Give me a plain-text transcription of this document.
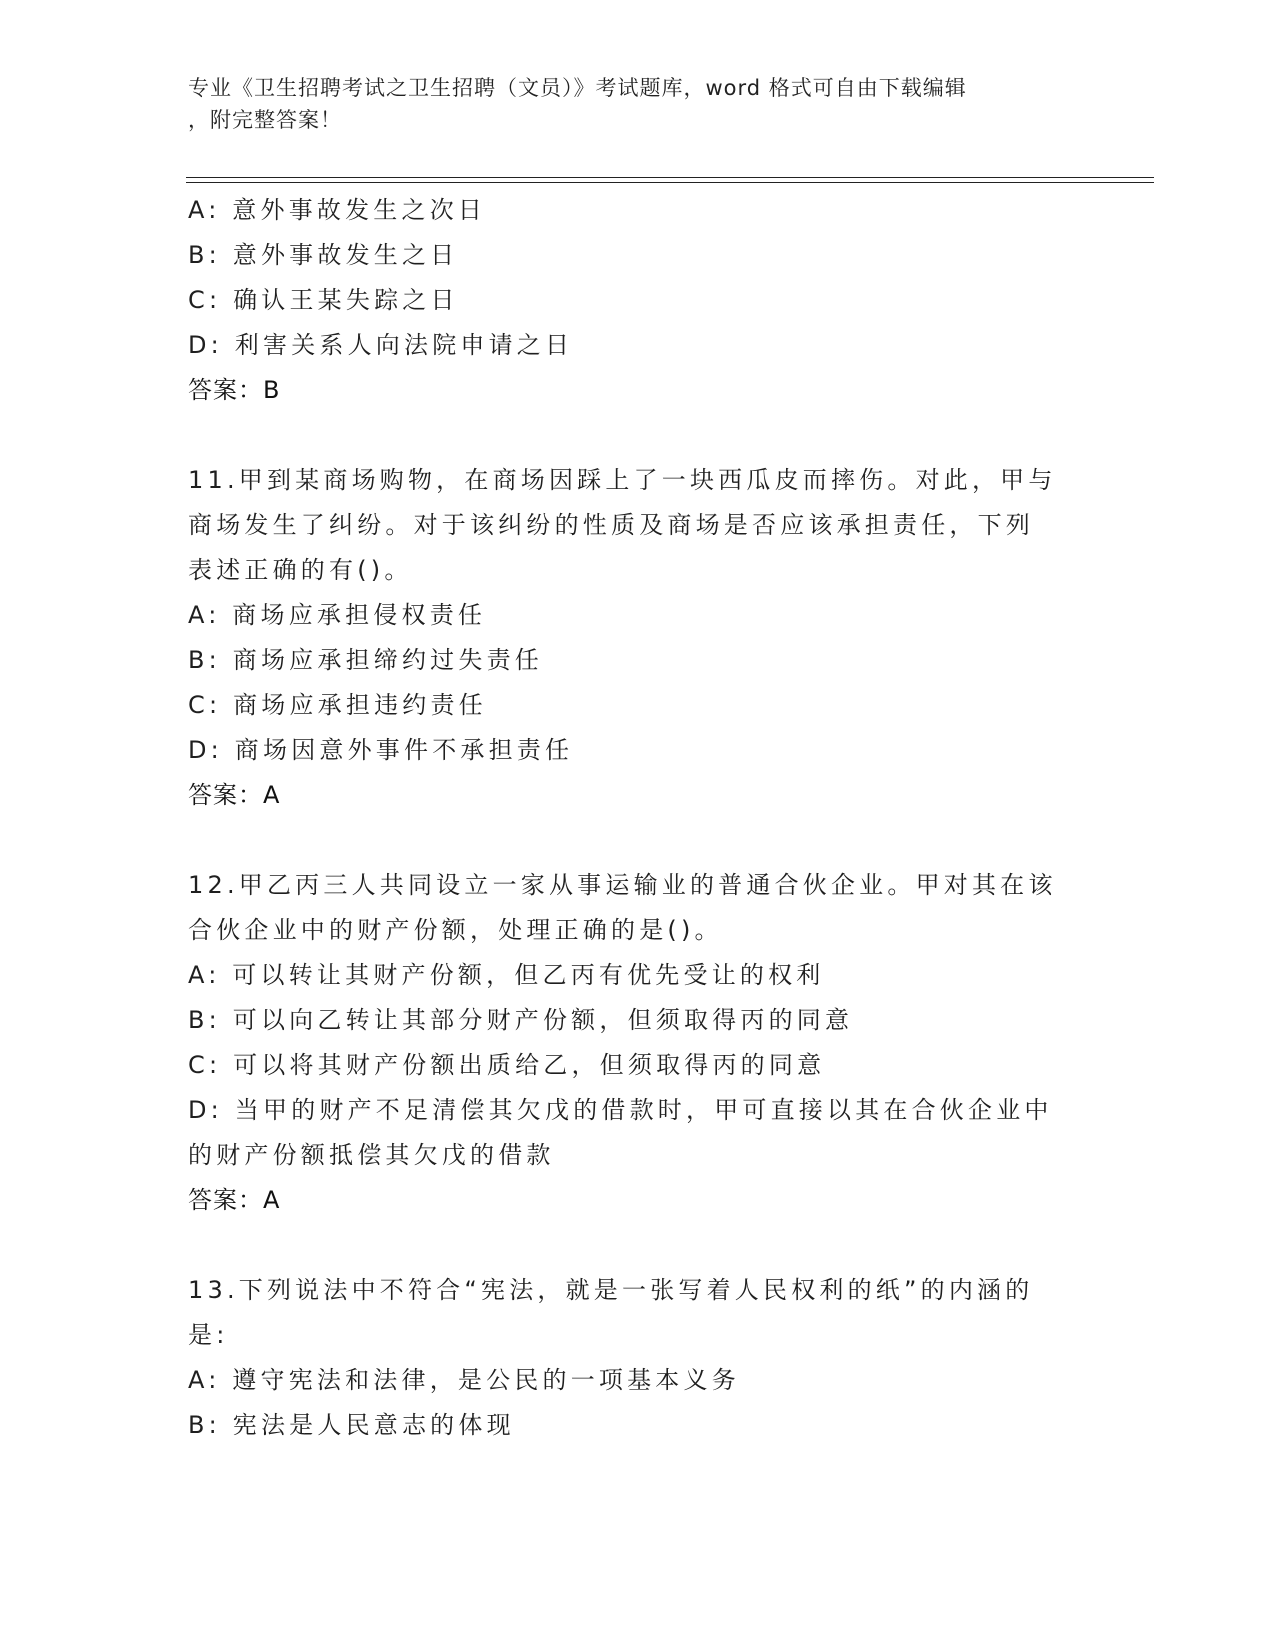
专业《卫生招聘考试之卫生招聘（文员）》考试题库，word 格式可自由下载编辑
，附完整答案！
A: 意外事故发生之次日
B: 意外事故发生之日
C: 确认王某失踪之日
D: 利害关系人向法院申请之日
答案：B
11.甲到某商场购物，在商场因踩上了一块西瓜皮而摔伤。对此，甲与
商场发生了纠纷。对于该纠纷的性质及商场是否应该承担责任，下列
表述正确的有()。
A: 商场应承担侵权责任
B: 商场应承担缔约过失责任
C: 商场应承担违约责任
D: 商场因意外事件不承担责任
答案：A
12.甲乙丙三人共同设立一家从事运输业的普通合伙企业。甲对其在该
合伙企业中的财产份额，处理正确的是()。
A: 可以转让其财产份额，但乙丙有优先受让的权利
B: 可以向乙转让其部分财产份额，但须取得丙的同意
C: 可以将其财产份额出质给乙，但须取得丙的同意
D: 当甲的财产不足清偿其欠戊的借款时，甲可直接以其在合伙企业中
的财产份额抵偿其欠戊的借款
答案：A
13.下列说法中不符合“宪法，就是一张写着人民权利的纸”的内涵的
是:
A: 遵守宪法和法律，是公民的一项基本义务
B: 宪法是人民意志的体现
